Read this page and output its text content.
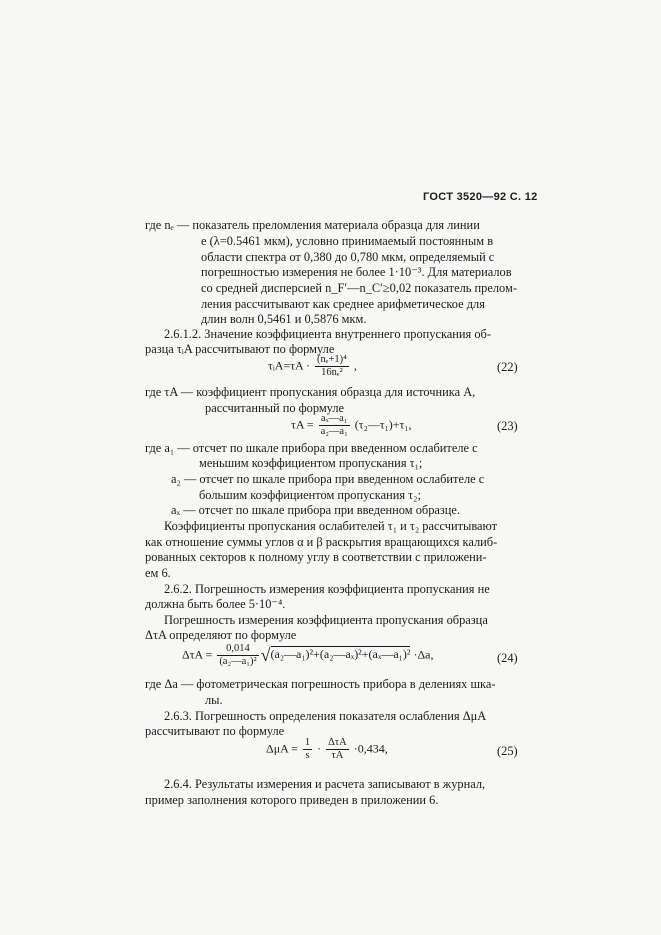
ГОСТ 3520—92 С. 12
где nₑ — показатель преломления материала образца для линии
e (λ=0.5461 мкм), условно принимаемый постоянным в
области спектра от 0,380 до 0,780 мкм, определяемый с
погрешностью измерения не более 1·10⁻³. Для материалов
со средней дисперсией n_F′—n_C′≥0,02 показатель прелом-
ления рассчитывают как среднее арифметическое для
длин волн 0,5461 и 0,5876 мкм.
2.6.1.2. Значение коэффициента внутреннего пропускания об-
разца τᵢA рассчитывают по формуле
τᵢA=τA · $\frac{\text{(nₑ+1)⁴}}{\text{16nₑ²}}$ ,	(22)
где τA — коэффициент пропускания образца для источника A,
рассчитанный по формуле
$\tau A = \frac{\text{aₓ—a₁}}{\text{a₂—a₁}}$ (τ₂—τ₁)+τ₁,	(23)
где a₁ — отсчет по шкале прибора при введенном ослабителе с
меньшим коэффициентом пропускания τ₁;
a₂ — отсчет по шкале прибора при введенном ослабителе с
большим коэффициентом пропускания τ₂;
aₓ — отсчет по шкале прибора при введенном образце.
Коэффициенты пропускания ослабителей τ₁ и τ₂ рассчитывают
как отношение суммы углов α и β раскрытия вращающихся калиб-
рованных секторов к полному углу в соответствии с приложени-
ем 6.
2.6.2. Погрешность измерения коэффициента пропускания не
должна быть более 5·10⁻⁴.
Погрешность измерения коэффициента пропускания образца
ΔτA определяют по формуле
$\Delta\tau A = \frac{0,014}{\text{(a₂—a₁)²}}$ √(a₂—a₁)²+(a₂—aₓ)²+(aₓ—a₁)² ·Δa,	(24)
где Δa — фотометрическая погрешность прибора в делениях шка-
лы.
2.6.3. Погрешность определения показателя ослабления ΔμA
рассчитывают по формуле
$\Delta\mu A = \frac{1}{s} \cdot \frac{\text{ΔτA}}{\tau A} \cdot 0,434$,	(25)
2.6.4. Результаты измерения и расчета записывают в журнал,
пример заполнения которого приведен в приложении 6.
